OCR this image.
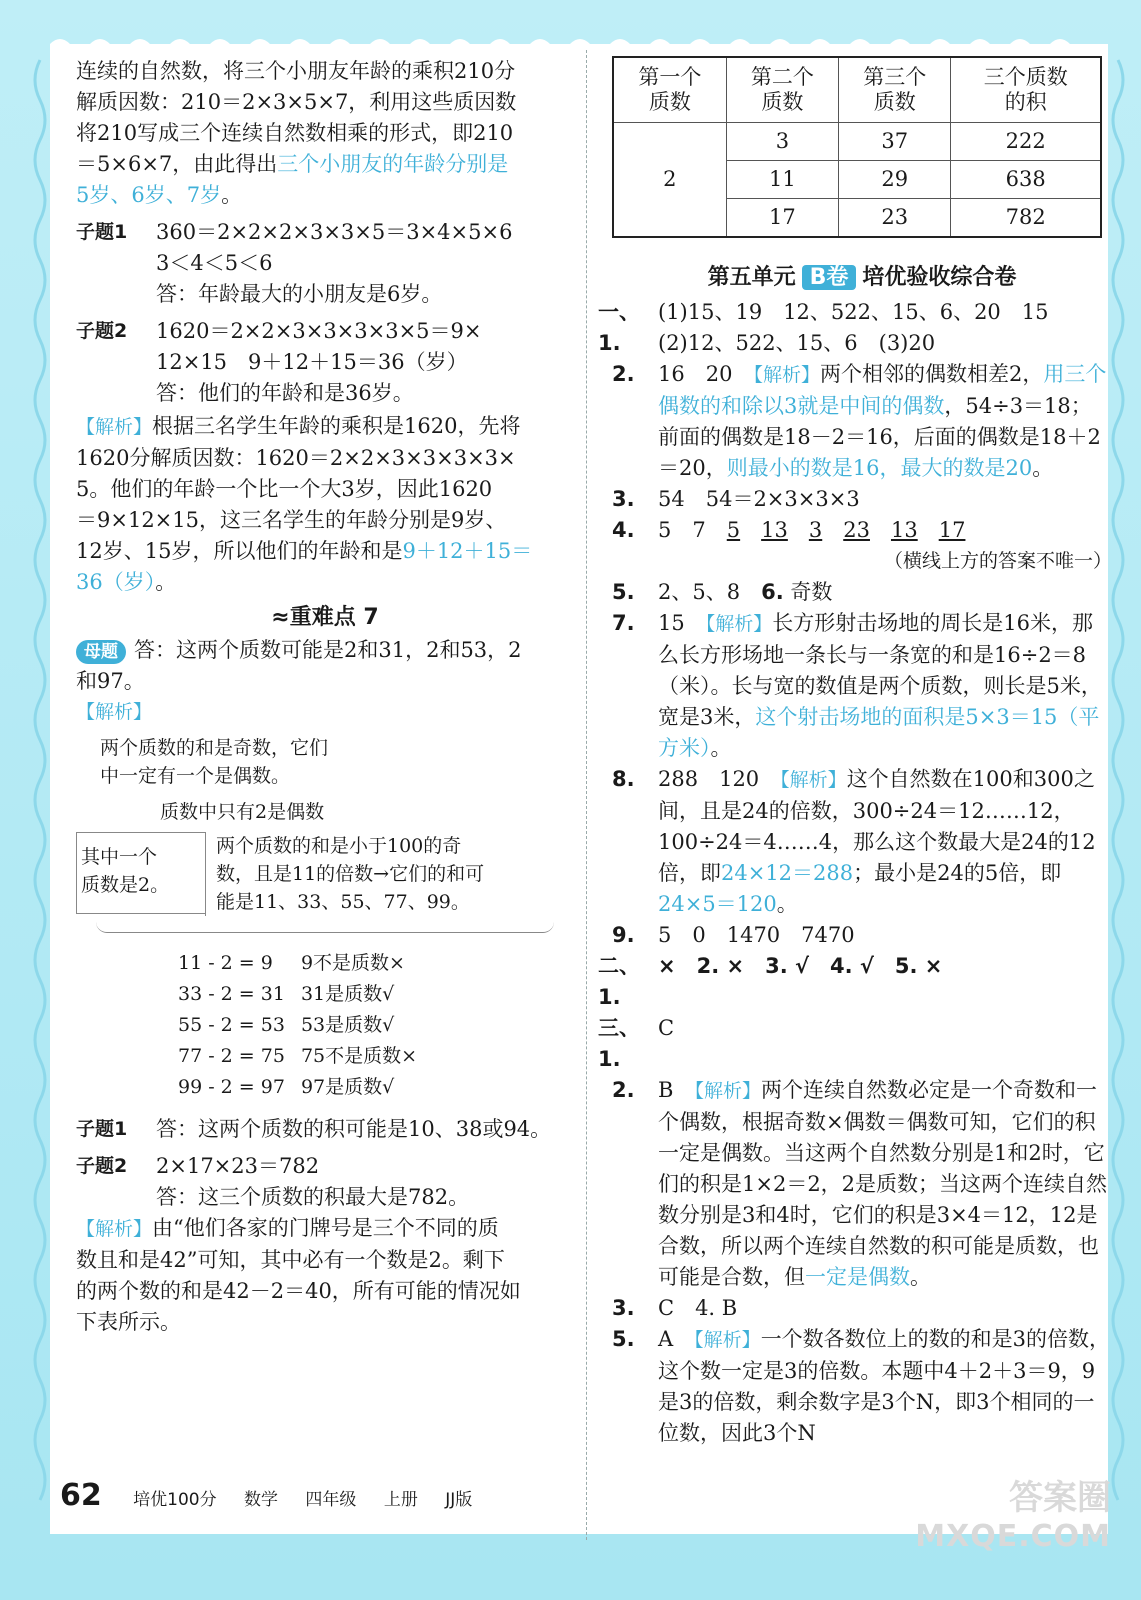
连续的自然数，将三个小朋友年龄的乘积210分

解质因数：210＝2×3×5×7，利用这些质因数

将210写成三个连续自然数相乘的形式，即210

＝5×6×7，由此得出三个小朋友的年龄分别是

5岁、6岁、7岁。

子题1	360＝2×2×2×3×3×5＝3×4×5×6

3＜4＜5＜6

答：年龄最大的小朋友是6岁。

子题2	1620＝2×2×3×3×3×3×5＝9×

12×15　9＋12＋15＝36（岁）

答：他们的年龄和是36岁。

【解析】根据三名学生年龄的乘积是1620，先将

1620分解质因数：1620＝2×2×3×3×3×3×

5。他们的年龄一个比一个大3岁，因此1620

＝9×12×15，这三名学生的年龄分别是9岁、

12岁、15岁，所以他们的年龄和是9＋12＋15＝

36（岁）。

≈重难点 7

母题 答：这两个质数可能是2和31，2和53，2

和97。

【解析】

两个质数的和是奇数，它们
中一定有一个是偶数。
质数中只有2是偶数
其中一个
质数是2。
两个质数的和是小于100的奇
数，且是11的倍数→它们的和可
能是11、33、55、77、99。
11 - 2 = 9	9不是质数×
33 - 2 = 31	31是质数√
55 - 2 = 53	53是质数√
77 - 2 = 75	75不是质数×
99 - 2 = 97	97是质数√
子题1	答：这两个质数的积可能是10、38或94。
子题2	2×17×23＝782

答：这三个质数的积最大是782。

【解析】由“他们各家的门牌号是三个不同的质

数且和是42”可知，其中必有一个数是2。剩下

的两个数的和是42－2＝40，所有可能的情况如

下表所示。

第一个
质数	第二个
质数	第三个
质数	三个质数
的积
2	3	37	222
	11	29	638
	17	23	782
第五单元 B卷 培优验收综合卷
一、1.
(1)15、19　12、522、15、6、20　15
(2)12、522、15、6　(3)20
2.	16　20　 【解析】两个相邻的偶数相差2，用三个偶数的和除以3就是中间的偶数，54÷3＝18；前面的偶数是18－2＝16，后面的偶数是18＋2＝20，则最小的数是16，最大的数是20。
3.	54　54＝2×3×3×3
4.	5　 7　 5　 13　 3　 23　 13　 17
（横线上方的答案不唯一）
5.	2、5、8　 6. 奇数
7.	15　 【解析】长方形射击场地的周长是16米，那么长方形场地一条长与一条宽的和是16÷2＝8（米）。长与宽的数值是两个质数，则长是5米，宽是3米，这个射击场地的面积是5×3＝15（平方米）。
8.	288　120　 【解析】这个自然数在100和300之间，且是24的倍数，300÷24＝12……12，100÷24＝4……4，那么这个数最大是24的12倍，即24×12＝288；最小是24的5倍，即24×5＝120。
9.	5　0　1470　7470
二、1.
×　2. ×　3. √　4. √　5. ×
三、1.
C
2.	B　 【解析】两个连续自然数必定是一个奇数和一个偶数，根据奇数×偶数＝偶数可知，它们的积一定是偶数。当这两个自然数分别是1和2时，它们的积是1×2＝2，2是质数；当这两个连续自然数分别是3和4时，它们的积是3×4＝12，12是合数，所以两个连续自然数的积可能是质数，也可能是合数，但一定是偶数。
3.	C　4. B
5.	A　 【解析】一个数各数位上的数的和是3的倍数，这个数一定是3的倍数。本题中4＋2＋3＝9，9是3的倍数，剩余数字是3个N，即3个相同的一位数，因此3个N
62 培优100分 数学 四年级 上册 JJ版	答案圈
MXQE.COM
